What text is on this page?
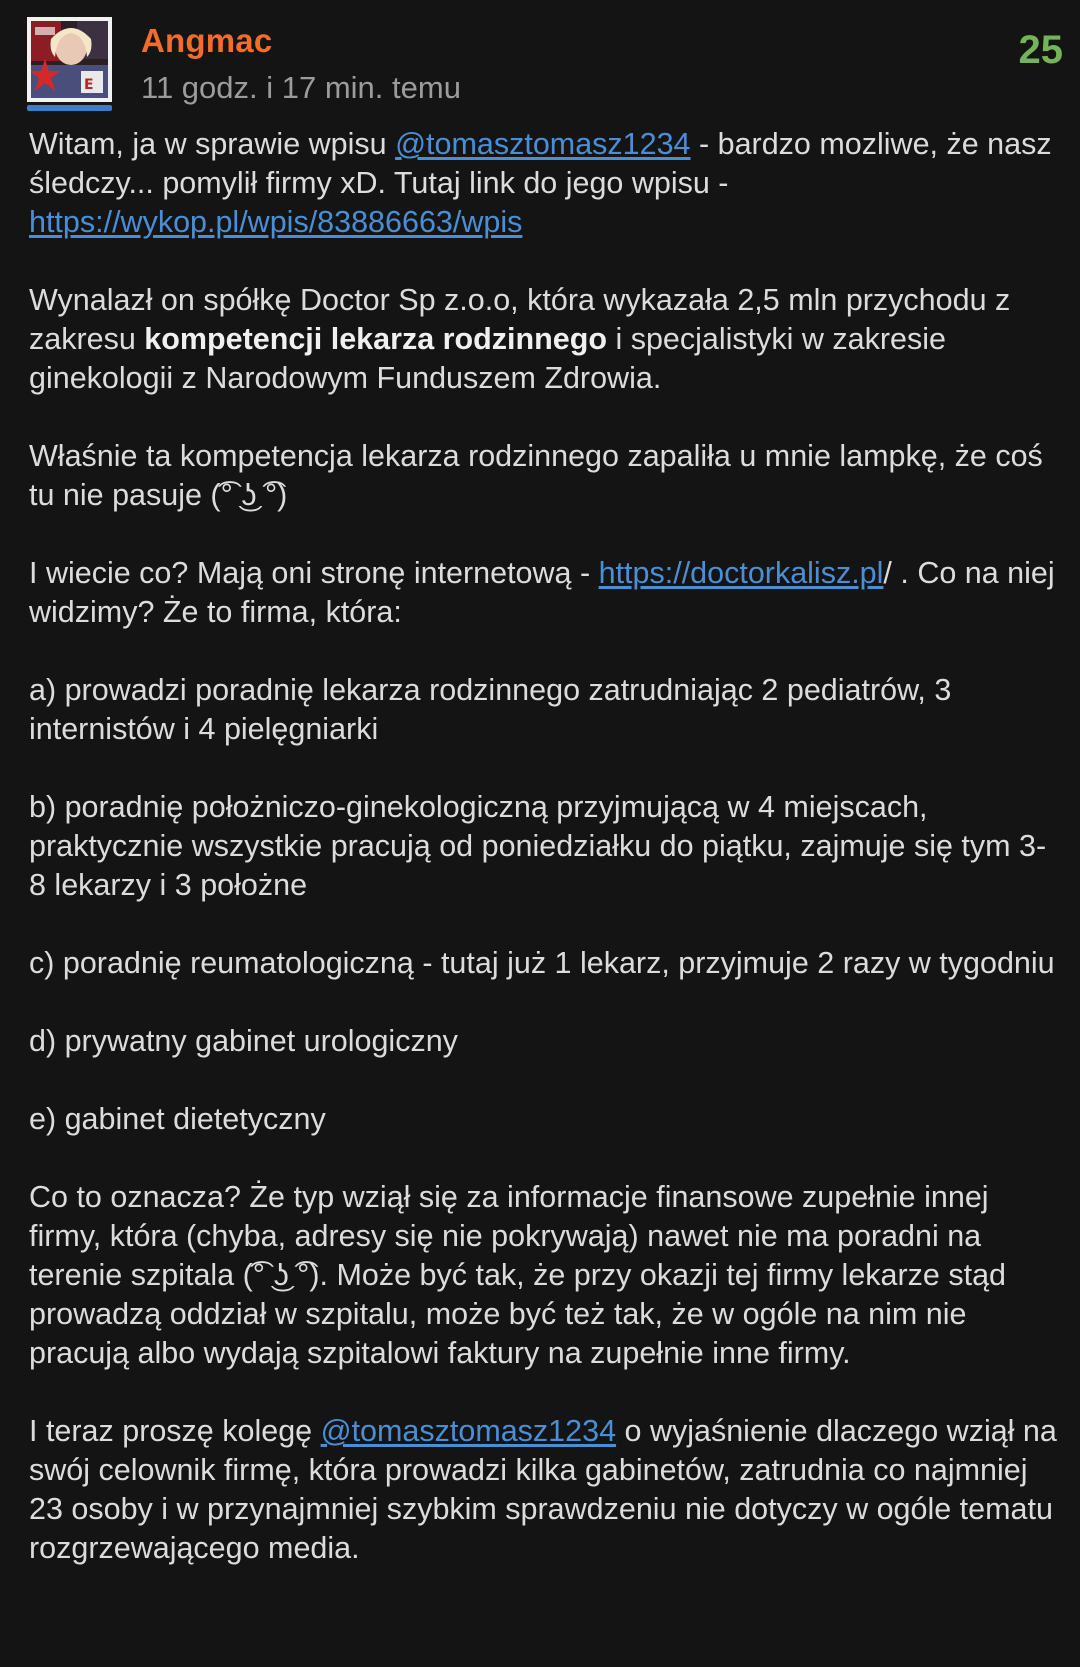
E
Angmac
11 godz. i 17 min. temu
25

Witam, ja w sprawie wpisu @tomasztomasz1234 - bardzo mozliwe, że nasz śledczy... pomylił firmy xD. Tutaj link do jego wpisu - https://wykop.pl/wpis/83886663/wpis

Wynalazł on spółkę Doctor Sp z.o.o, która wykazała 2,5 mln przychodu z zakresu kompetencji lekarza rodzinnego i specjalistyki w zakresie ginekologii z Narodowym Funduszem Zdrowia.

Właśnie ta kompetencja lekarza rodzinnego zapaliła u mnie lampkę, że coś tu nie pasuje (͡° ͜ʖ ͡°)

I wiecie co? Mają oni stronę internetową - https://doctorkalisz.pl/ . Co na niej widzimy? Że to firma, która:

a) prowadzi poradnię lekarza rodzinnego zatrudniając 2 pediatrów, 3 internistów i 4 pielęgniarki

b) poradnię położniczo-ginekologiczną przyjmującą w 4 miejscach, praktycznie wszystkie pracują od poniedziałku do piątku, zajmuje się tym 3-8 lekarzy i 3 położne

c) poradnię reumatologiczną - tutaj już 1 lekarz, przyjmuje 2 razy w tygodniu

d) prywatny gabinet urologiczny

e) gabinet dietetyczny

Co to oznacza? Że typ wziął się za informacje finansowe zupełnie innej firmy, która (chyba, adresy się nie pokrywają) nawet nie ma poradni na terenie szpitala (͡° ͜ʖ ͡°). Może być tak, że przy okazji tej firmy lekarze stąd prowadzą oddział w szpitalu, może być też tak, że w ogóle na nim nie pracują albo wydają szpitalowi faktury na zupełnie inne firmy.

I teraz proszę kolegę @tomasztomasz1234 o wyjaśnienie dlaczego wziął na swój celownik firmę, która prowadzi kilka gabinetów, zatrudnia co najmniej 23 osoby i w przynajmniej szybkim sprawdzeniu nie dotyczy w ogóle tematu rozgrzewającego media.
